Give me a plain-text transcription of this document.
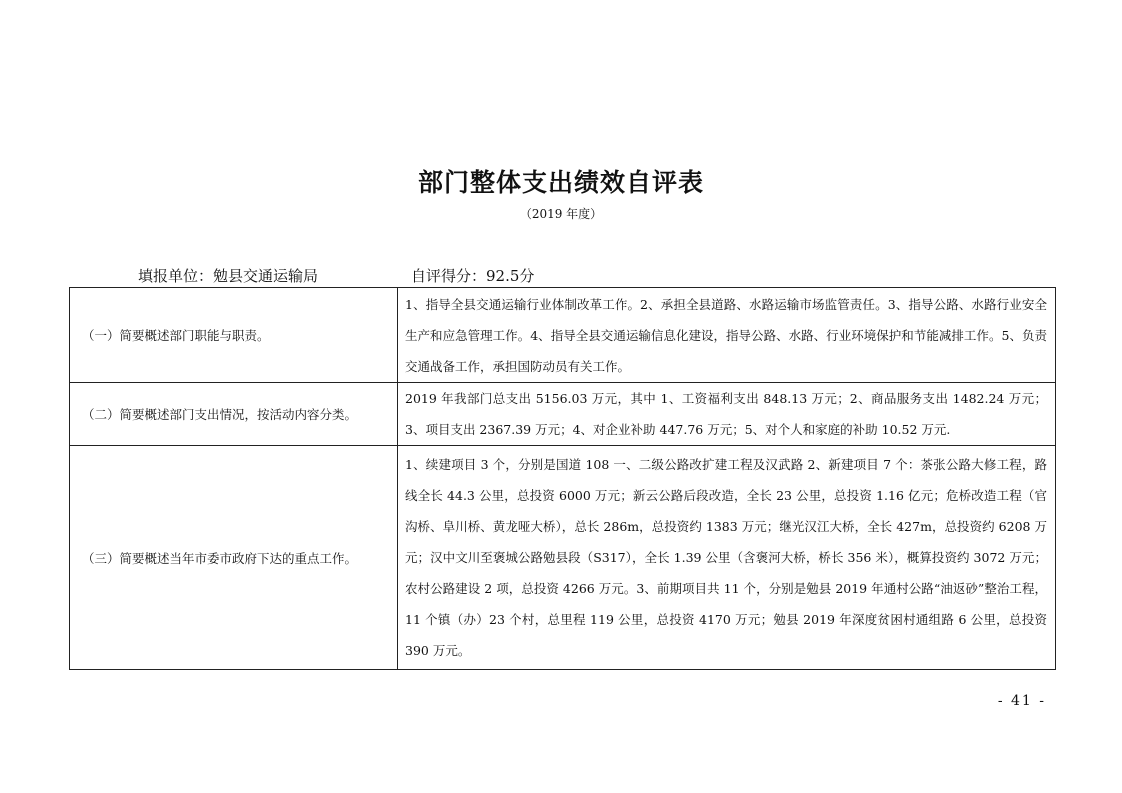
部门整体支出绩效自评表
（2019 年度）
填报单位：勉县交通运输局	自评得分：92.5分
（一）简要概述部门职能与职责。	1、指导全县交通运输行业体制改革工作。2、承担全县道路、水路运输市场监管责任。3、指导公路、水路行业安全生产和应急管理工作。4、指导全县交通运输信息化建设，指导公路、水路、行业环境保护和节能减排工作。5、负责交通战备工作，承担国防动员有关工作。
（二）简要概述部门支出情况，按活动内容分类。	2019 年我部门总支出 5156.03 万元，其中 1、工资福利支出 848.13 万元；2、商品服务支出 1482.24 万元；3、项目支出 2367.39 万元；4、对企业补助 447.76 万元；5、对个人和家庭的补助 10.52 万元.
（三）简要概述当年市委市政府下达的重点工作。	1、续建项目 3 个，分别是国道 108 一、二级公路改扩建工程及汉武路 2、新建项目 7 个：茶张公路大修工程，路线全长 44.3 公里，总投资 6000 万元；新云公路后段改造，全长 23 公里，总投资 1.16 亿元；危桥改造工程（官沟桥、阜川桥、黄龙哑大桥），总长 286m，总投资约 1383 万元；继光汉江大桥，全长 427m，总投资约 6208 万元；汉中文川至褒城公路勉县段（S317），全长 1.39 公里（含褒河大桥，桥长 356 米），概算投资约 3072 万元；农村公路建设 2 项，总投资 4266 万元。3、前期项目共 11 个，分别是勉县 2019 年通村公路“油返砂”整治工程，11 个镇（办）23 个村，总里程 119 公里，总投资 4170 万元；勉县 2019 年深度贫困村通组路 6 公里，总投资 390 万元。
- 41 -
